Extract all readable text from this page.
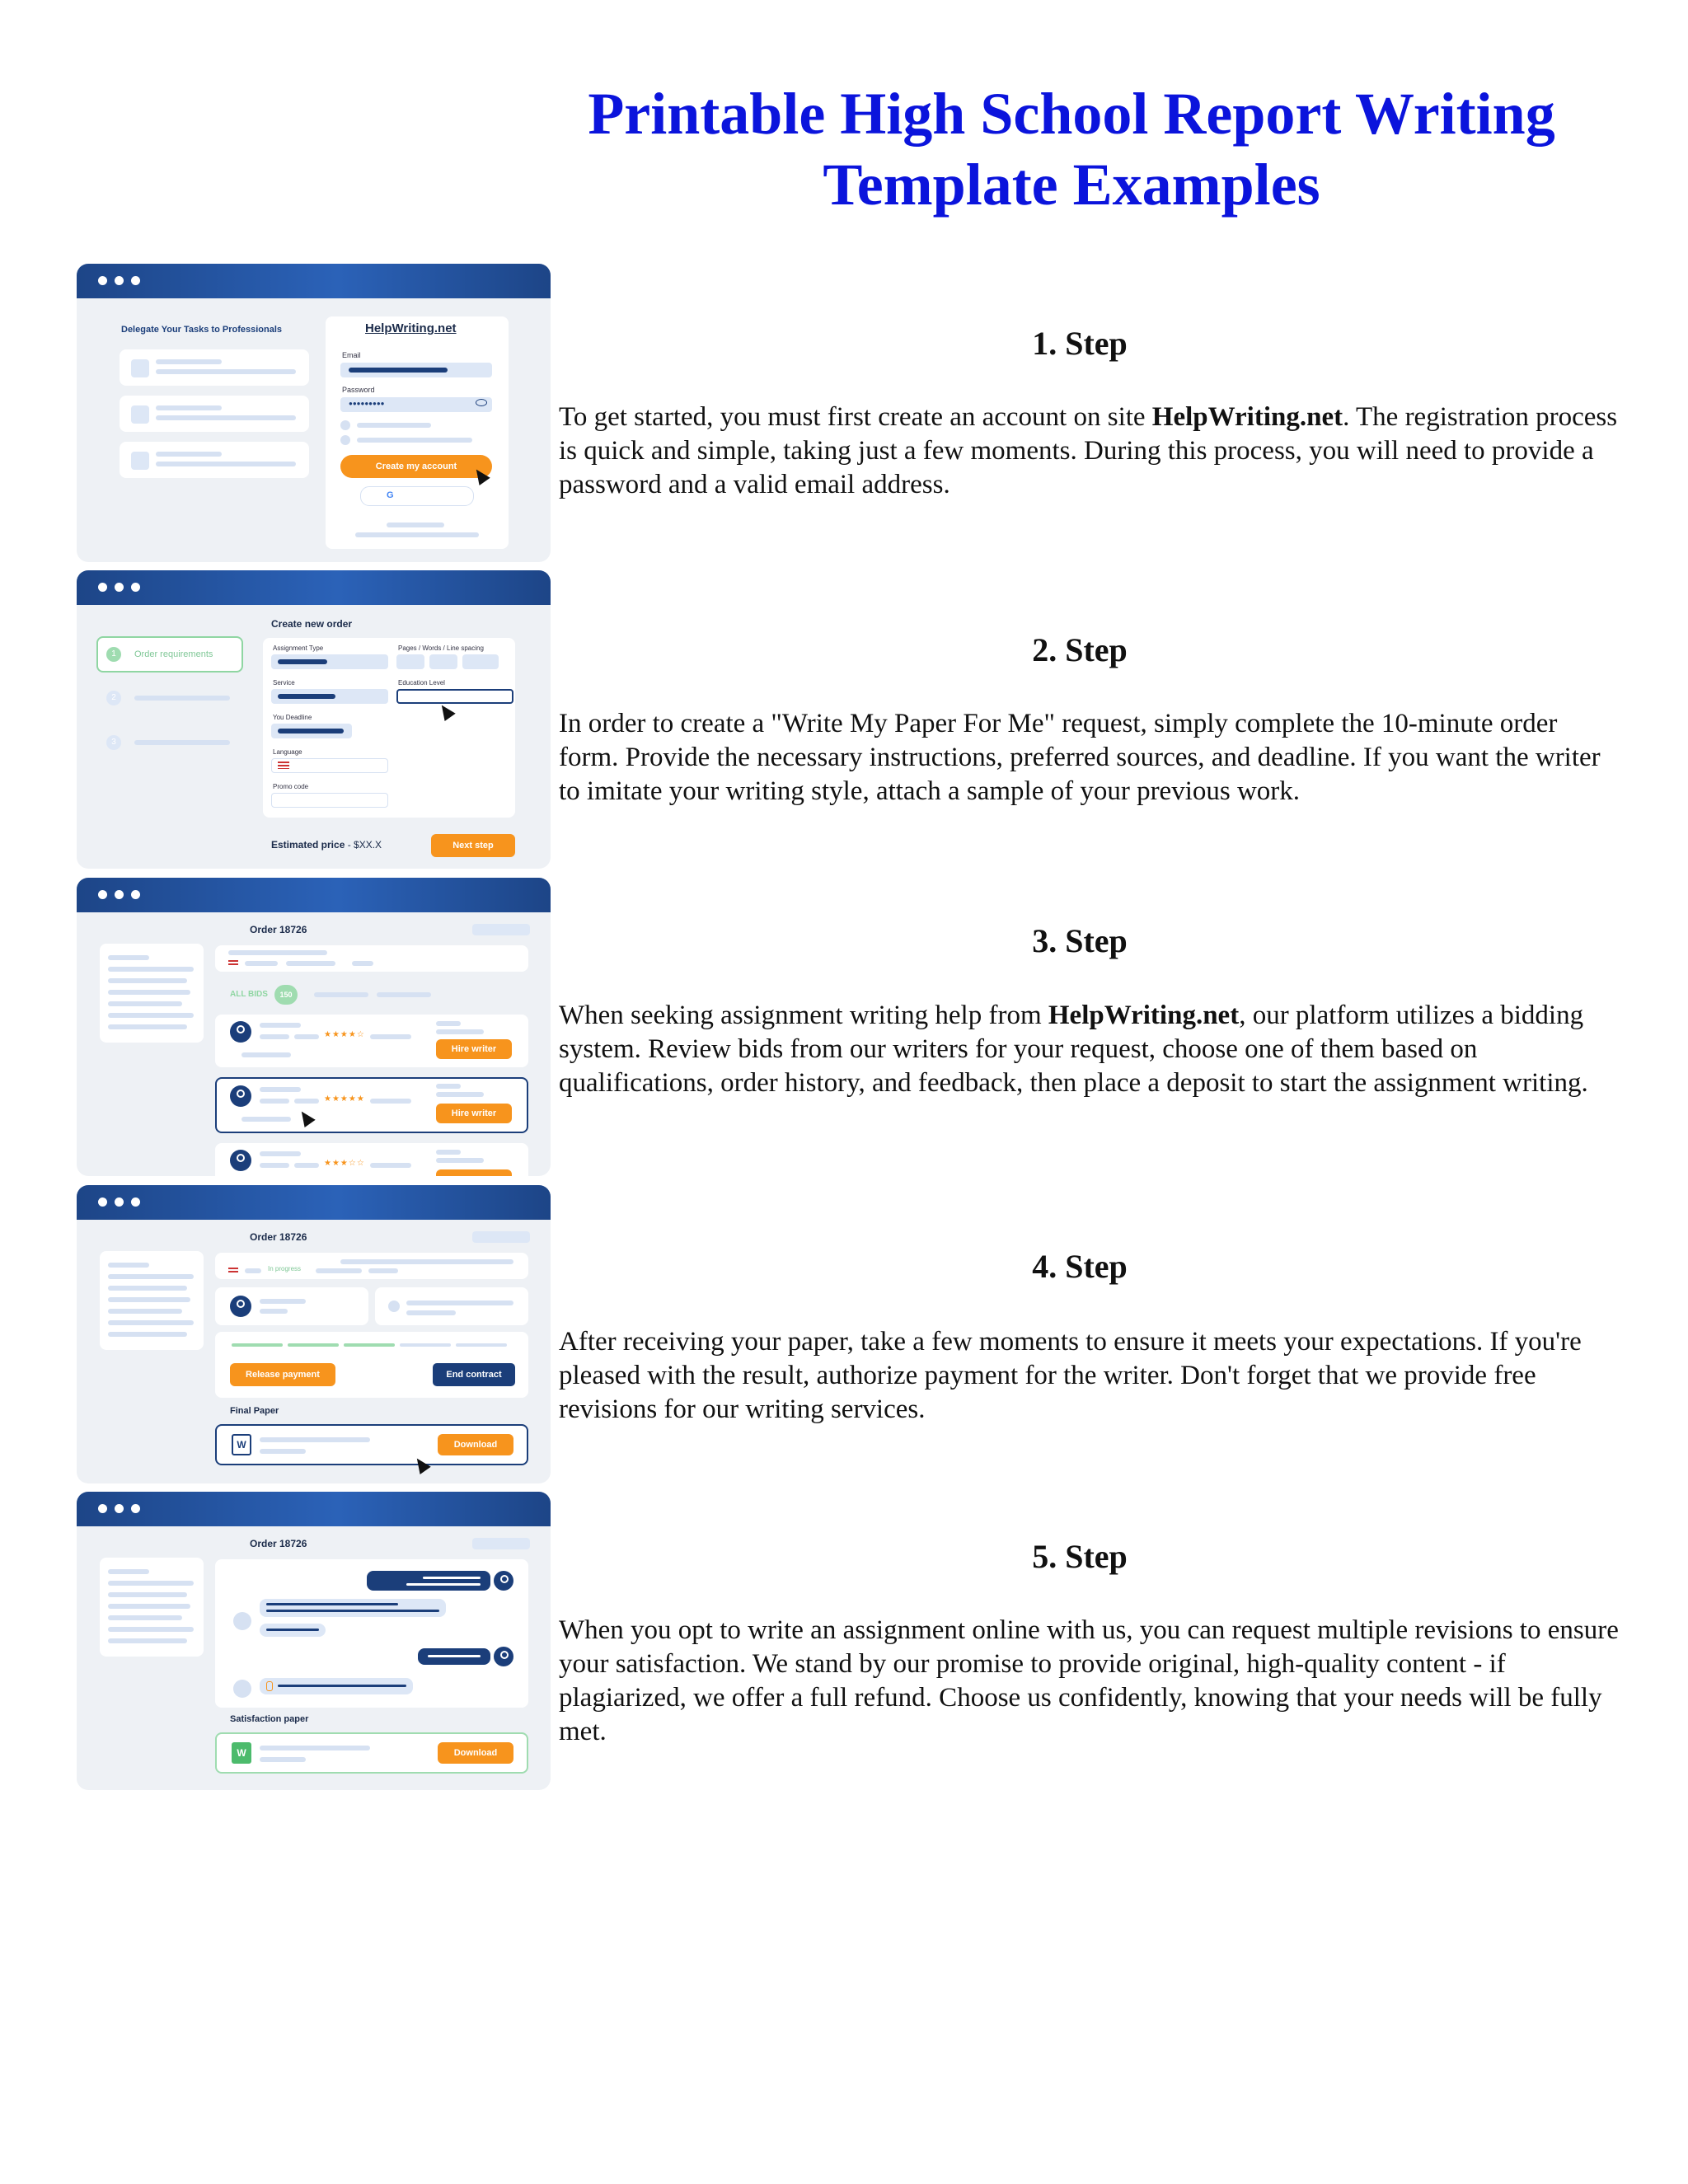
Printable High School Report Writing Template Examples
Delegate Your Tasks to Professionals	HelpWriting.net
Email
Password
●●●●●●●●●
Create my account
G
1	Order requirements
2
3
Create new order
Assignment Type	Pages / Words / Line spacing
Service	Education Level
You Deadline
Language
Promo code
Estimated price - $XX.X	Next step
Order 18726
ALL BIDS	150
★★★★☆
Hire writer
★★★★★
Hire writer
★★★☆☆
Order 18726
In progress
Release payment	End contract
Final Paper
W	Download
Order 18726
Satisfaction paper
W	Download
1. Step

To get started, you must first create an account on site HelpWriting.net. The registration process is quick and simple, taking just a few moments. During this process, you will need to provide a password and a valid email address.

2. Step

In order to create a "Write My Paper For Me" request, simply complete the 10-minute order form. Provide the necessary instructions, preferred sources, and deadline. If you want the writer to imitate your writing style, attach a sample of your previous work.

3. Step

When seeking assignment writing help from HelpWriting.net, our platform utilizes a bidding system. Review bids from our writers for your request, choose one of them based on qualifications, order history, and feedback, then place a deposit to start the assignment writing.

4. Step

After receiving your paper, take a few moments to ensure it meets your expectations. If you're pleased with the result, authorize payment for the writer. Don't forget that we provide free revisions for our writing services.

5. Step

When you opt to write an assignment online with us, you can request multiple revisions to ensure your satisfaction. We stand by our promise to provide original, high-quality content - if plagiarized, we offer a full refund. Choose us confidently, knowing that your needs will be fully met.
